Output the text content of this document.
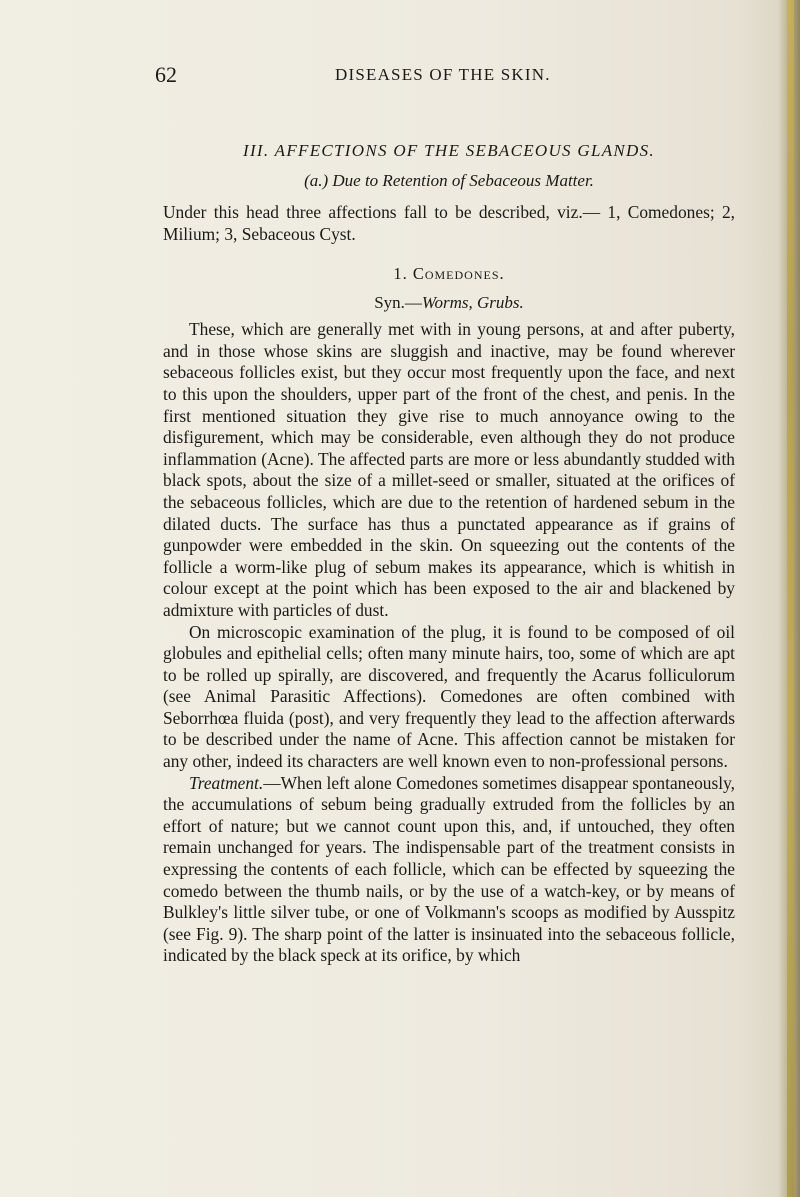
62	DISEASES OF THE SKIN.
III. AFFECTIONS OF THE SEBACEOUS GLANDS.
(a.) Due to Retention of Sebaceous Matter.

Under this head three affections fall to be described, viz.— 1, Comedones; 2, Milium; 3, Sebaceous Cyst.

1. Comedones.
Syn.—Worms, Grubs.

These, which are generally met with in young persons, at and after puberty, and in those whose skins are sluggish and inactive, may be found wherever sebaceous follicles exist, but they occur most frequently upon the face, and next to this upon the shoulders, upper part of the front of the chest, and penis. In the first mentioned situation they give rise to much annoyance owing to the disfigurement, which may be considerable, even although they do not produce inflammation (Acne). The affected parts are more or less abundantly studded with black spots, about the size of a millet-seed or smaller, situated at the orifices of the sebaceous follicles, which are due to the retention of hardened sebum in the dilated ducts. The surface has thus a punctated appearance as if grains of gunpowder were embedded in the skin. On squeezing out the contents of the follicle a worm-like plug of sebum makes its appearance, which is whitish in colour except at the point which has been exposed to the air and blackened by admixture with particles of dust.

On microscopic examination of the plug, it is found to be composed of oil globules and epithelial cells; often many minute hairs, too, some of which are apt to be rolled up spirally, are discovered, and frequently the Acarus folliculorum (see Animal Parasitic Affections). Comedones are often combined with Seborrhœa fluida (post), and very frequently they lead to the affection afterwards to be described under the name of Acne. This affection cannot be mistaken for any other, indeed its characters are well known even to non-professional persons.

Treatment.—When left alone Comedones sometimes disappear spontaneously, the accumulations of sebum being gradually extruded from the follicles by an effort of nature; but we cannot count upon this, and, if untouched, they often remain unchanged for years. The indispensable part of the treatment consists in expressing the contents of each follicle, which can be effected by squeezing the comedo between the thumb nails, or by the use of a watch-key, or by means of Bulkley's little silver tube, or one of Volkmann's scoops as modified by Ausspitz (see Fig. 9). The sharp point of the latter is insinuated into the sebaceous follicle, indicated by the black speck at its orifice, by which
